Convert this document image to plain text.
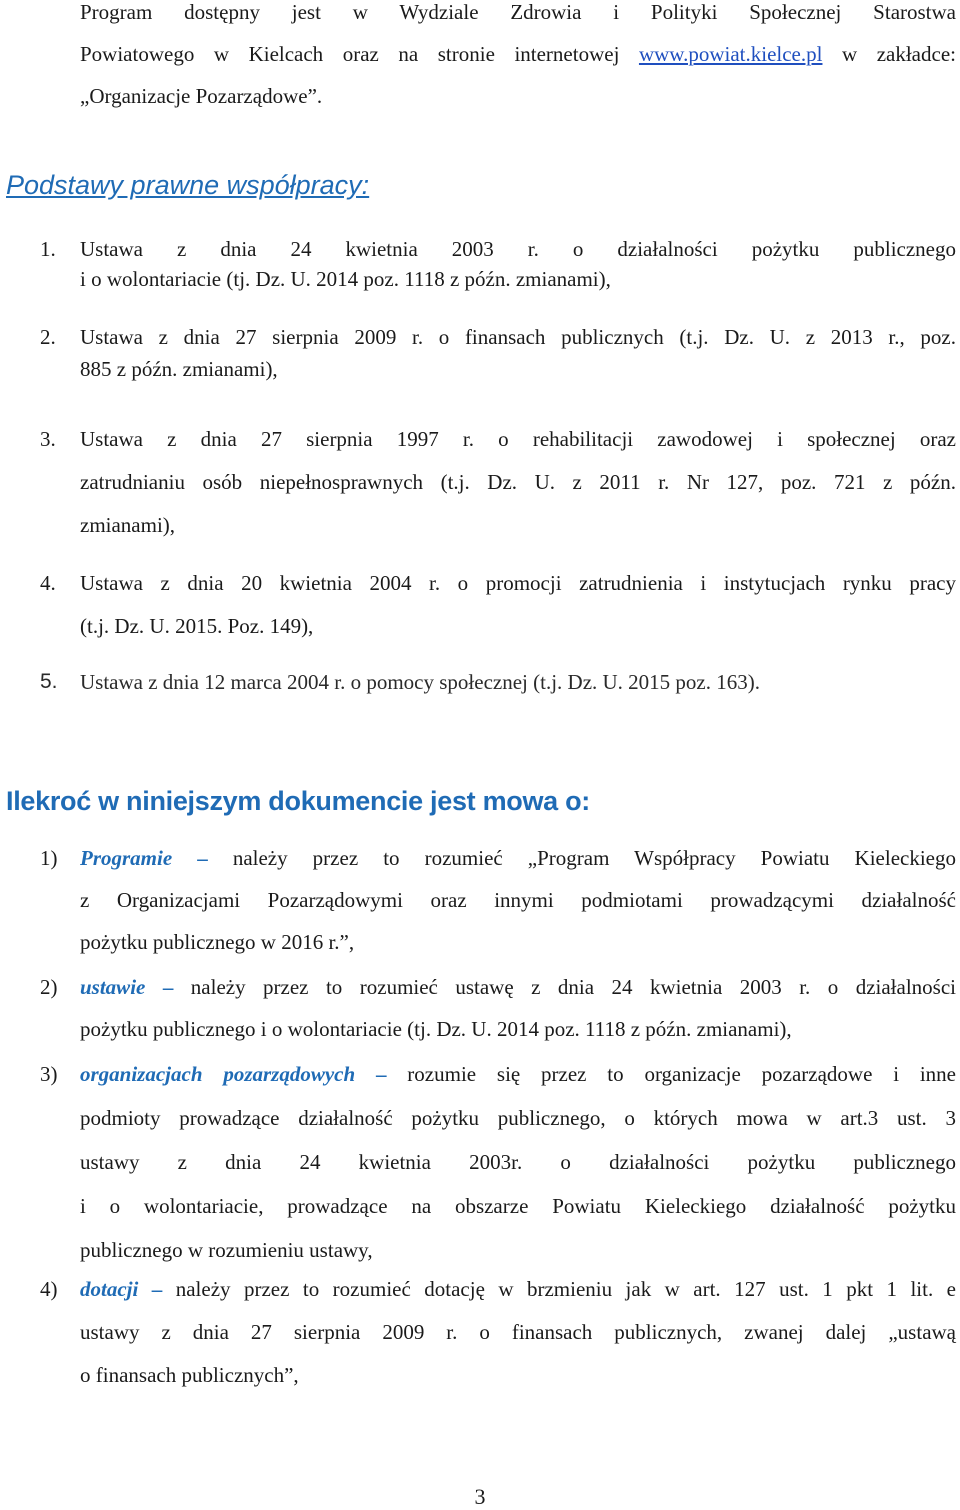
Program dostępny jest w Wydziale Zdrowia i Polityki Społecznej Starostwa

Powiatowego w Kielcach oraz na stronie internetowej www.powiat.kielce.pl w zakładce:

„Organizacje Pozarządowe”.

Podstawy prawne współpracy:
1.	Ustawa z dnia 24 kwietnia 2003 r. o działalności pożytku publicznego
i o wolontariacie (tj. Dz. U. 2014 poz. 1118 z późn. zmianami),
2.	Ustawa z dnia 27 sierpnia 2009 r. o finansach publicznych (t.j. Dz. U. z 2013 r., poz.
885 z późn. zmianami),
3.	Ustawa z dnia 27 sierpnia 1997 r. o rehabilitacji zawodowej i społecznej oraz
zatrudnianiu osób niepełnosprawnych (t.j. Dz. U. z 2011 r. Nr 127, poz. 721 z późn.
zmianami),
4.	Ustawa z dnia 20 kwietnia 2004 r. o promocji zatrudnienia i instytucjach rynku pracy
(t.j. Dz. U. 2015. Poz. 149),
5.	Ustawa z dnia 12 marca 2004 r. o pomocy społecznej (t.j. Dz. U. 2015 poz. 163).
Ilekroć w niniejszym dokumencie jest mowa o:
1)	Programie – należy przez to rozumieć „Program Współpracy Powiatu Kieleckiego
z Organizacjami Pozarządowymi oraz innymi podmiotami prowadzącymi działalność
pożytku publicznego w 2016 r.”,
2)	ustawie – należy przez to rozumieć ustawę z dnia 24 kwietnia 2003 r. o działalności
pożytku publicznego i o wolontariacie (tj. Dz. U. 2014 poz. 1118 z późn. zmianami),
3)	organizacjach pozarządowych – rozumie się przez to organizacje pozarządowe i inne
podmioty prowadzące działalność pożytku publicznego, o których mowa w art.3 ust. 3
ustawy z dnia 24 kwietnia 2003r. o działalności pożytku publicznego
i o wolontariacie, prowadzące na obszarze Powiatu Kieleckiego działalność pożytku
publicznego w rozumieniu ustawy,
4)	dotacji – należy przez to rozumieć dotację w brzmieniu jak w art. 127 ust. 1 pkt 1 lit. e
ustawy z dnia 27 sierpnia 2009 r. o finansach publicznych, zwanej dalej „ustawą
o finansach publicznych”,
3
